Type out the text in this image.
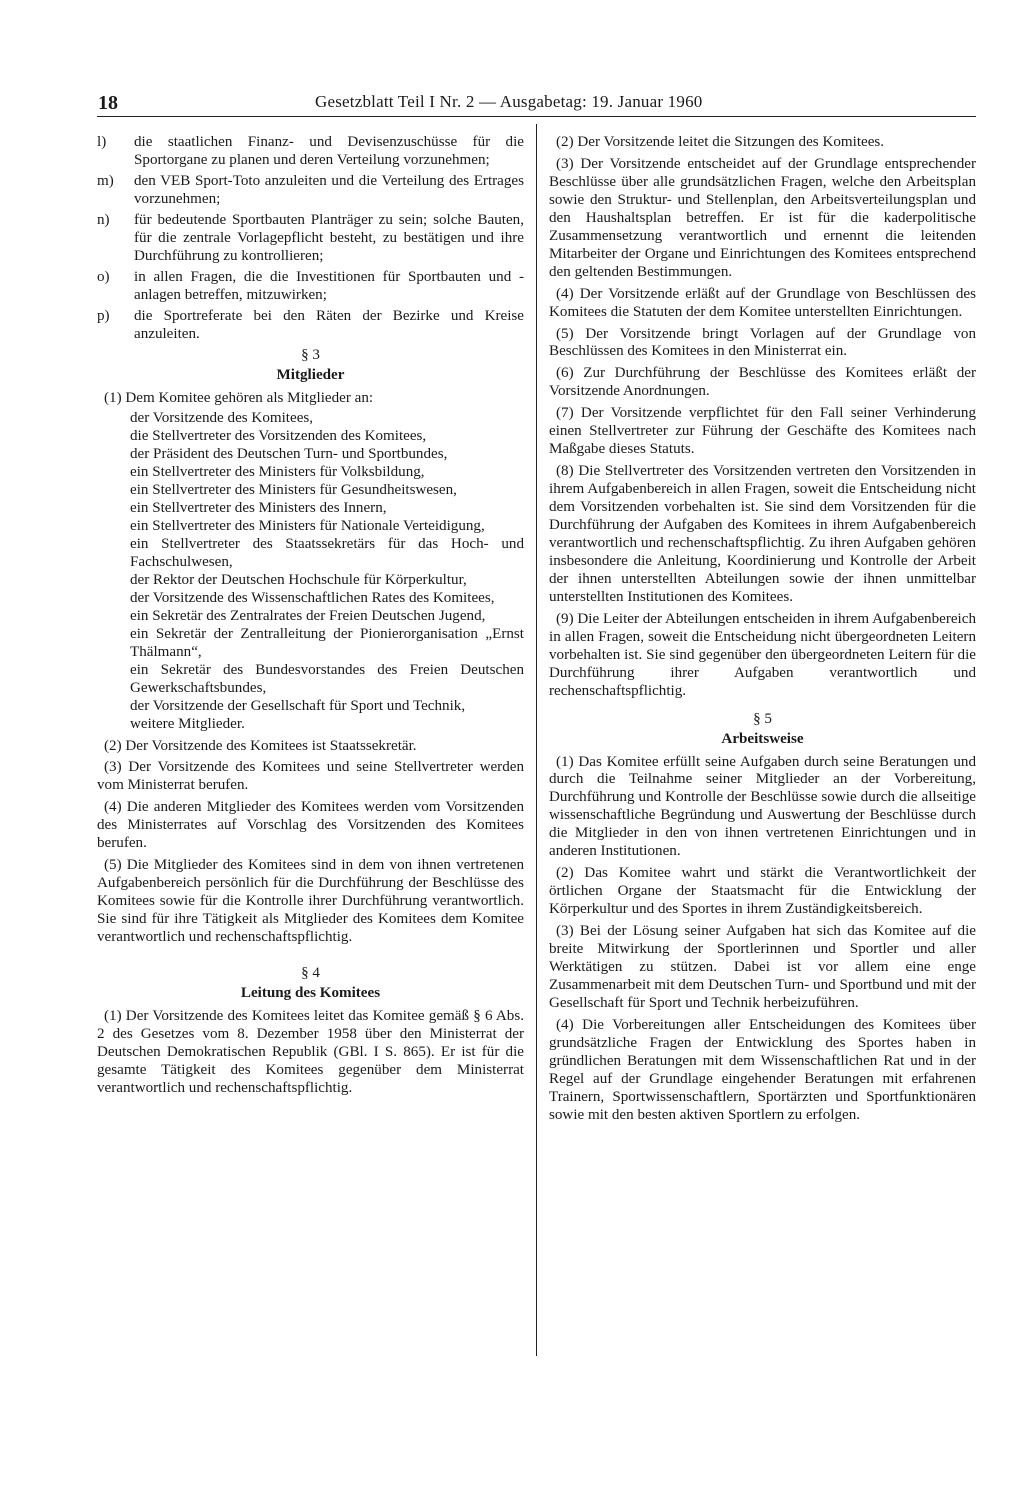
18	Gesetzblatt Teil I Nr. 2 — Ausgabetag: 19. Januar 1960

l)	die staatlichen Finanz- und Devisenzuschüsse für die Sportorgane zu planen und deren Verteilung vorzunehmen;

m)	den VEB Sport-Toto anzuleiten und die Verteilung des Ertrages vorzunehmen;

n)	für bedeutende Sportbauten Planträger zu sein; solche Bauten, für die zentrale Vorlagepflicht besteht, zu bestätigen und ihre Durchführung zu kontrollieren;

o)	in allen Fragen, die die Investitionen für Sportbauten und -anlagen betreffen, mitzuwirken;

p)	die Sportreferate bei den Räten der Bezirke und Kreise anzuleiten.

§ 3

Mitglieder

(1) Dem Komitee gehören als Mitglieder an:

der Vorsitzende des Komitees,

die Stellvertreter des Vorsitzenden des Komitees,

der Präsident des Deutschen Turn- und Sportbundes,

ein Stellvertreter des Ministers für Volksbildung,

ein Stellvertreter des Ministers für Gesundheitswesen,

ein Stellvertreter des Ministers des Innern,

ein Stellvertreter des Ministers für Nationale Verteidigung,

ein Stellvertreter des Staatssekretärs für das Hoch- und Fachschulwesen,

der Rektor der Deutschen Hochschule für Körperkultur,

der Vorsitzende des Wissenschaftlichen Rates des Komitees,

ein Sekretär des Zentralrates der Freien Deutschen Jugend,

ein Sekretär der Zentralleitung der Pionierorganisation „Ernst Thälmann“,

ein Sekretär des Bundesvorstandes des Freien Deutschen Gewerkschaftsbundes,

der Vorsitzende der Gesellschaft für Sport und Technik,

weitere Mitglieder.

(2) Der Vorsitzende des Komitees ist Staatssekretär.

(3) Der Vorsitzende des Komitees und seine Stellvertreter werden vom Ministerrat berufen.

(4) Die anderen Mitglieder des Komitees werden vom Vorsitzenden des Ministerrates auf Vorschlag des Vorsitzenden des Komitees berufen.

(5) Die Mitglieder des Komitees sind in dem von ihnen vertretenen Aufgabenbereich persönlich für die Durchführung der Beschlüsse des Komitees sowie für die Kontrolle ihrer Durchführung verantwortlich. Sie sind für ihre Tätigkeit als Mitglieder des Komitees dem Komitee verantwortlich und rechenschaftspflichtig.

§ 4

Leitung des Komitees

(1) Der Vorsitzende des Komitees leitet das Komitee gemäß § 6 Abs. 2 des Gesetzes vom 8. Dezember 1958 über den Ministerrat der Deutschen Demokratischen Republik (GBl. I S. 865). Er ist für die gesamte Tätigkeit des Komitees gegenüber dem Ministerrat verantwortlich und rechenschaftspflichtig.

(2) Der Vorsitzende leitet die Sitzungen des Komitees.

(3) Der Vorsitzende entscheidet auf der Grundlage entsprechender Beschlüsse über alle grundsätzlichen Fragen, welche den Arbeitsplan sowie den Struktur- und Stellenplan, den Arbeitsverteilungsplan und den Haushaltsplan betreffen. Er ist für die kaderpolitische Zusammensetzung verantwortlich und ernennt die leitenden Mitarbeiter der Organe und Einrichtungen des Komitees entsprechend den geltenden Bestimmungen.

(4) Der Vorsitzende erläßt auf der Grundlage von Beschlüssen des Komitees die Statuten der dem Komitee unterstellten Einrichtungen.

(5) Der Vorsitzende bringt Vorlagen auf der Grundlage von Beschlüssen des Komitees in den Ministerrat ein.

(6) Zur Durchführung der Beschlüsse des Komitees erläßt der Vorsitzende Anordnungen.

(7) Der Vorsitzende verpflichtet für den Fall seiner Verhinderung einen Stellvertreter zur Führung der Geschäfte des Komitees nach Maßgabe dieses Statuts.

(8) Die Stellvertreter des Vorsitzenden vertreten den Vorsitzenden in ihrem Aufgabenbereich in allen Fragen, soweit die Entscheidung nicht dem Vorsitzenden vorbehalten ist. Sie sind dem Vorsitzenden für die Durchführung der Aufgaben des Komitees in ihrem Aufgabenbereich verantwortlich und rechenschaftspflichtig. Zu ihren Aufgaben gehören insbesondere die Anleitung, Koordinierung und Kontrolle der Arbeit der ihnen unterstellten Abteilungen sowie der ihnen unmittelbar unterstellten Institutionen des Komitees.

(9) Die Leiter der Abteilungen entscheiden in ihrem Aufgabenbereich in allen Fragen, soweit die Entscheidung nicht übergeordneten Leitern vorbehalten ist. Sie sind gegenüber den übergeordneten Leitern für die Durchführung ihrer Aufgaben verantwortlich und rechenschaftspflichtig.

§ 5

Arbeitsweise

(1) Das Komitee erfüllt seine Aufgaben durch seine Beratungen und durch die Teilnahme seiner Mitglieder an der Vorbereitung, Durchführung und Kontrolle der Beschlüsse sowie durch die allseitige wissenschaftliche Begründung und Auswertung der Beschlüsse durch die Mitglieder in den von ihnen vertretenen Einrichtungen und in anderen Institutionen.

(2) Das Komitee wahrt und stärkt die Verantwortlichkeit der örtlichen Organe der Staatsmacht für die Entwicklung der Körperkultur und des Sportes in ihrem Zuständigkeitsbereich.

(3) Bei der Lösung seiner Aufgaben hat sich das Komitee auf die breite Mitwirkung der Sportlerinnen und Sportler und aller Werktätigen zu stützen. Dabei ist vor allem eine enge Zusammenarbeit mit dem Deutschen Turn- und Sportbund und mit der Gesellschaft für Sport und Technik herbeizuführen.

(4) Die Vorbereitungen aller Entscheidungen des Komitees über grundsätzliche Fragen der Entwicklung des Sportes haben in gründlichen Beratungen mit dem Wissenschaftlichen Rat und in der Regel auf der Grundlage eingehender Beratungen mit erfahrenen Trainern, Sportwissenschaftlern, Sportärzten und Sportfunktionären sowie mit den besten aktiven Sportlern zu erfolgen.
